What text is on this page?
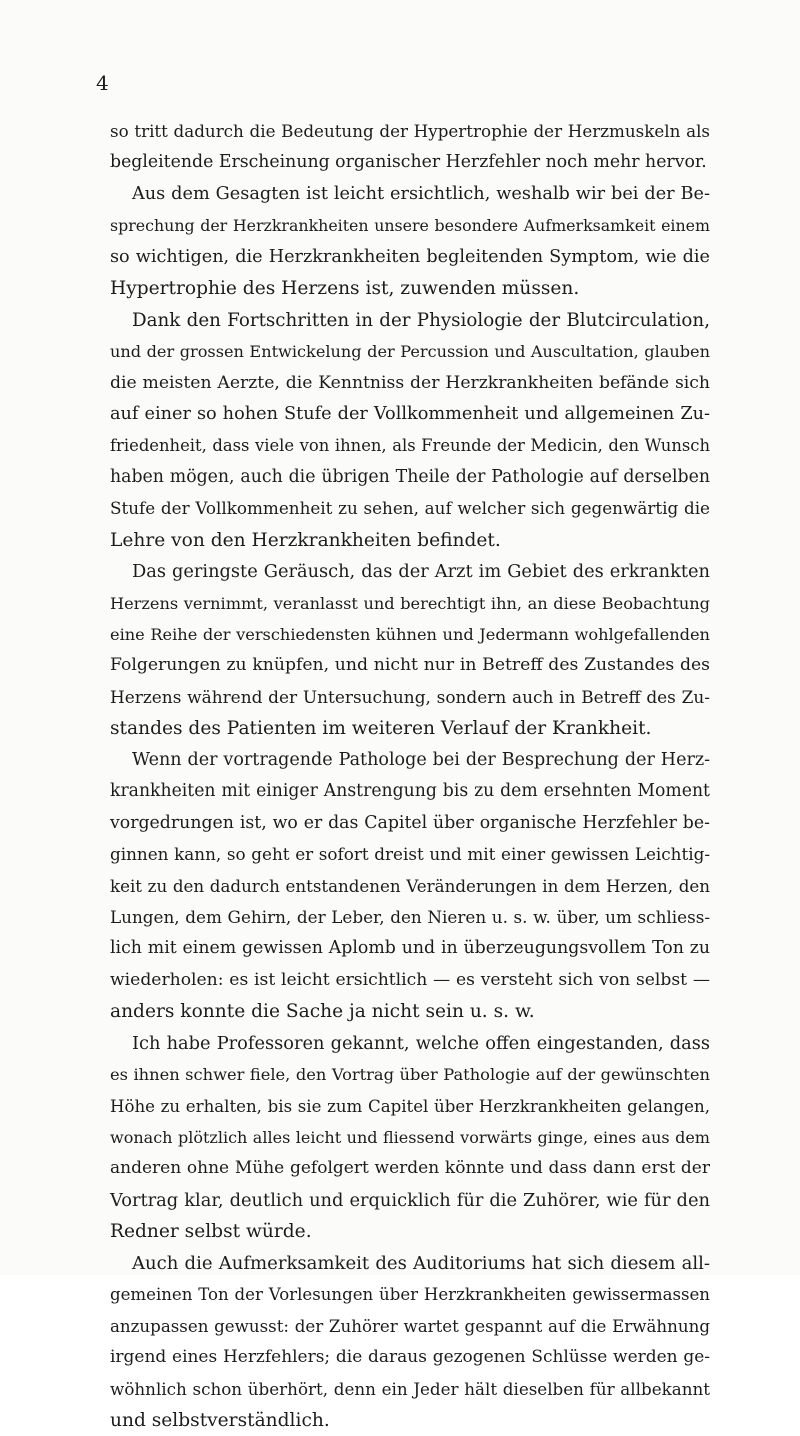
4
so tritt dadurch die Bedeutung der Hypertrophie der Herzmuskeln als
begleitende Erscheinung organischer Herzfehler noch mehr hervor.
Aus dem Gesagten ist leicht ersichtlich, weshalb wir bei der Be-
sprechung der Herzkrankheiten unsere besondere Aufmerksamkeit einem
so wichtigen, die Herzkrankheiten begleitenden Symptom, wie die
Hypertrophie des Herzens ist, zuwenden müssen.
Dank den Fortschritten in der Physiologie der Blutcirculation,
und der grossen Entwickelung der Percussion und Auscultation, glauben
die meisten Aerzte, die Kenntniss der Herzkrankheiten befände sich
auf einer so hohen Stufe der Vollkommenheit und allgemeinen Zu-
friedenheit, dass viele von ihnen, als Freunde der Medicin, den Wunsch
haben mögen, auch die übrigen Theile der Pathologie auf derselben
Stufe der Vollkommenheit zu sehen, auf welcher sich gegenwärtig die
Lehre von den Herzkrankheiten befindet.
Das geringste Geräusch, das der Arzt im Gebiet des erkrankten
Herzens vernimmt, veranlasst und berechtigt ihn, an diese Beobachtung
eine Reihe der verschiedensten kühnen und Jedermann wohlgefallenden
Folgerungen zu knüpfen, und nicht nur in Betreff des Zustandes des
Herzens während der Untersuchung, sondern auch in Betreff des Zu-
standes des Patienten im weiteren Verlauf der Krankheit.
Wenn der vortragende Pathologe bei der Besprechung der Herz-
krankheiten mit einiger Anstrengung bis zu dem ersehnten Moment
vorgedrungen ist, wo er das Capitel über organische Herzfehler be-
ginnen kann, so geht er sofort dreist und mit einer gewissen Leichtig-
keit zu den dadurch entstandenen Veränderungen in dem Herzen, den
Lungen, dem Gehirn, der Leber, den Nieren u. s. w. über, um schliess-
lich mit einem gewissen Aplomb und in überzeugungsvollem Ton zu
wiederholen: es ist leicht ersichtlich — es versteht sich von selbst —
anders konnte die Sache ja nicht sein u. s. w.
Ich habe Professoren gekannt, welche offen eingestanden, dass
es ihnen schwer fiele, den Vortrag über Pathologie auf der gewünschten
Höhe zu erhalten, bis sie zum Capitel über Herzkrankheiten gelangen,
wonach plötzlich alles leicht und fliessend vorwärts ginge, eines aus dem
anderen ohne Mühe gefolgert werden könnte und dass dann erst der
Vortrag klar, deutlich und erquicklich für die Zuhörer, wie für den
Redner selbst würde.
Auch die Aufmerksamkeit des Auditoriums hat sich diesem all-
gemeinen Ton der Vorlesungen über Herzkrankheiten gewissermassen
anzupassen gewusst: der Zuhörer wartet gespannt auf die Erwähnung
irgend eines Herzfehlers; die daraus gezogenen Schlüsse werden ge-
wöhnlich schon überhört, denn ein Jeder hält dieselben für allbekannt
und selbstverständlich.
